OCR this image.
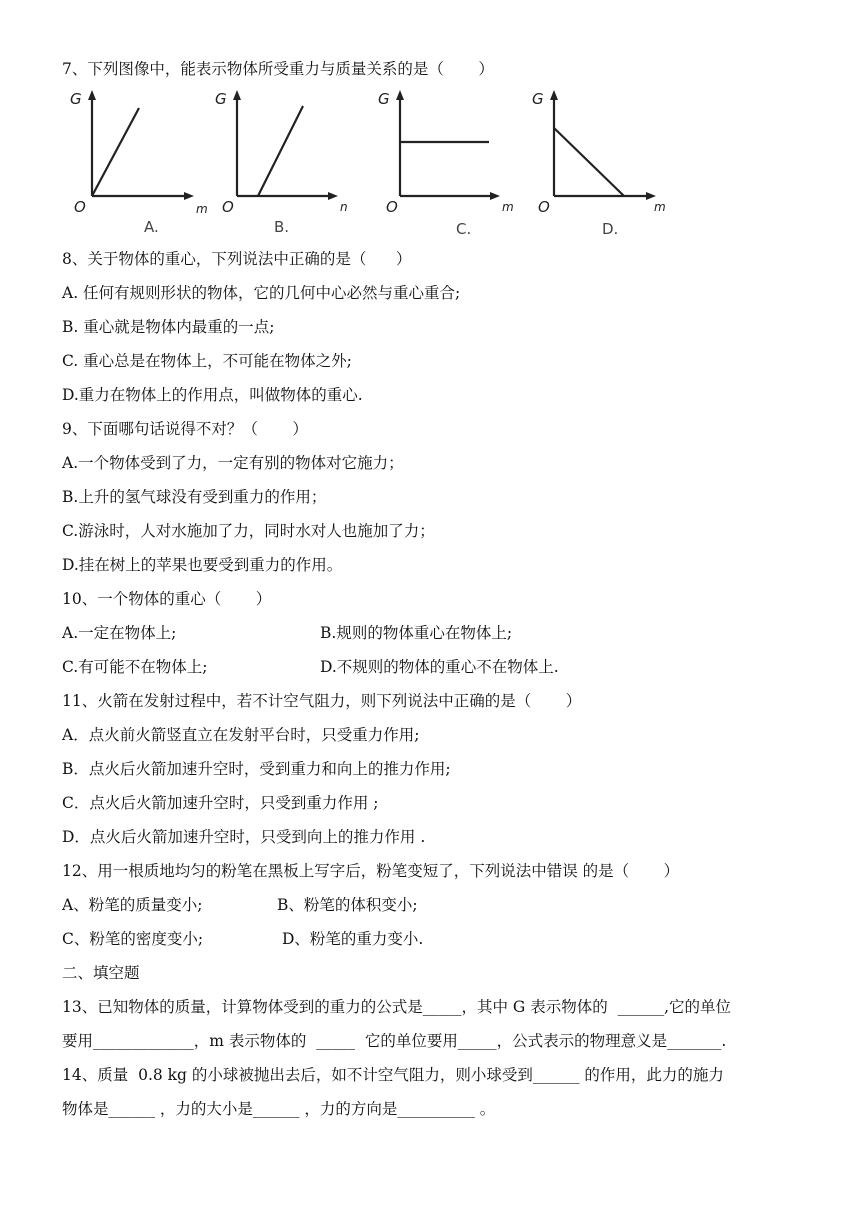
7、下列图像中，能表示物体所受重力与质量关系的是（       ）
G
O	m
A.
G
O	n
B.
G
O	m
C.
G
O	m
D.
8、关于物体的重心，下列说法中正确的是（      ）
A. 任何有规则形状的物体，它的几何中心必然与重心重合;
B. 重心就是物体内最重的一点;
C. 重心总是在物体上，不可能在物体之外;
D.重力在物体上的作用点，叫做物体的重心.
9、下面哪句话说得不对？（       ）
A.一个物体受到了力，一定有别的物体对它施力；
B.上升的氢气球没有受到重力的作用；
C.游泳时，人对水施加了力，同时水对人也施加了力；
D.挂在树上的苹果也要受到重力的作用。
10、一个物体的重心（       ）
A.一定在物体上;	B.规则的物体重心在物体上;
C.有可能不在物体上;	D.不规则的物体的重心不在物体上.
11、火箭在发射过程中，若不计空气阻力，则下列说法中正确的是（       ）
A．点火前火箭竖直立在发射平台时，只受重力作用;
B．点火后火箭加速升空时，受到重力和向上的推力作用;
C．点火后火箭加速升空时，只受到重力作用 ;
D．点火后火箭加速升空时，只受到向上的推力作用 .
12、用一根质地均匀的粉笔在黑板上写字后，粉笔变短了，下列说法中错误 的是（       ）
A、粉笔的质量变小;	B、粉笔的体积变小;
C、粉笔的密度变小;	D、粉笔的重力变小.
二、填空题
13、已知物体的质量，计算物体受到的重力的公式是_____，其中 G 表示物体的  ______,它的单位
要用_____________，m 表示物体的  _____  它的单位要用_____，公式表示的物理意义是_______.
14、质量  0.8 kg 的小球被抛出去后，如不计空气阻力，则小球受到______ 的作用，此力的施力
物体是______ ，力的大小是______ ，力的方向是__________ 。
